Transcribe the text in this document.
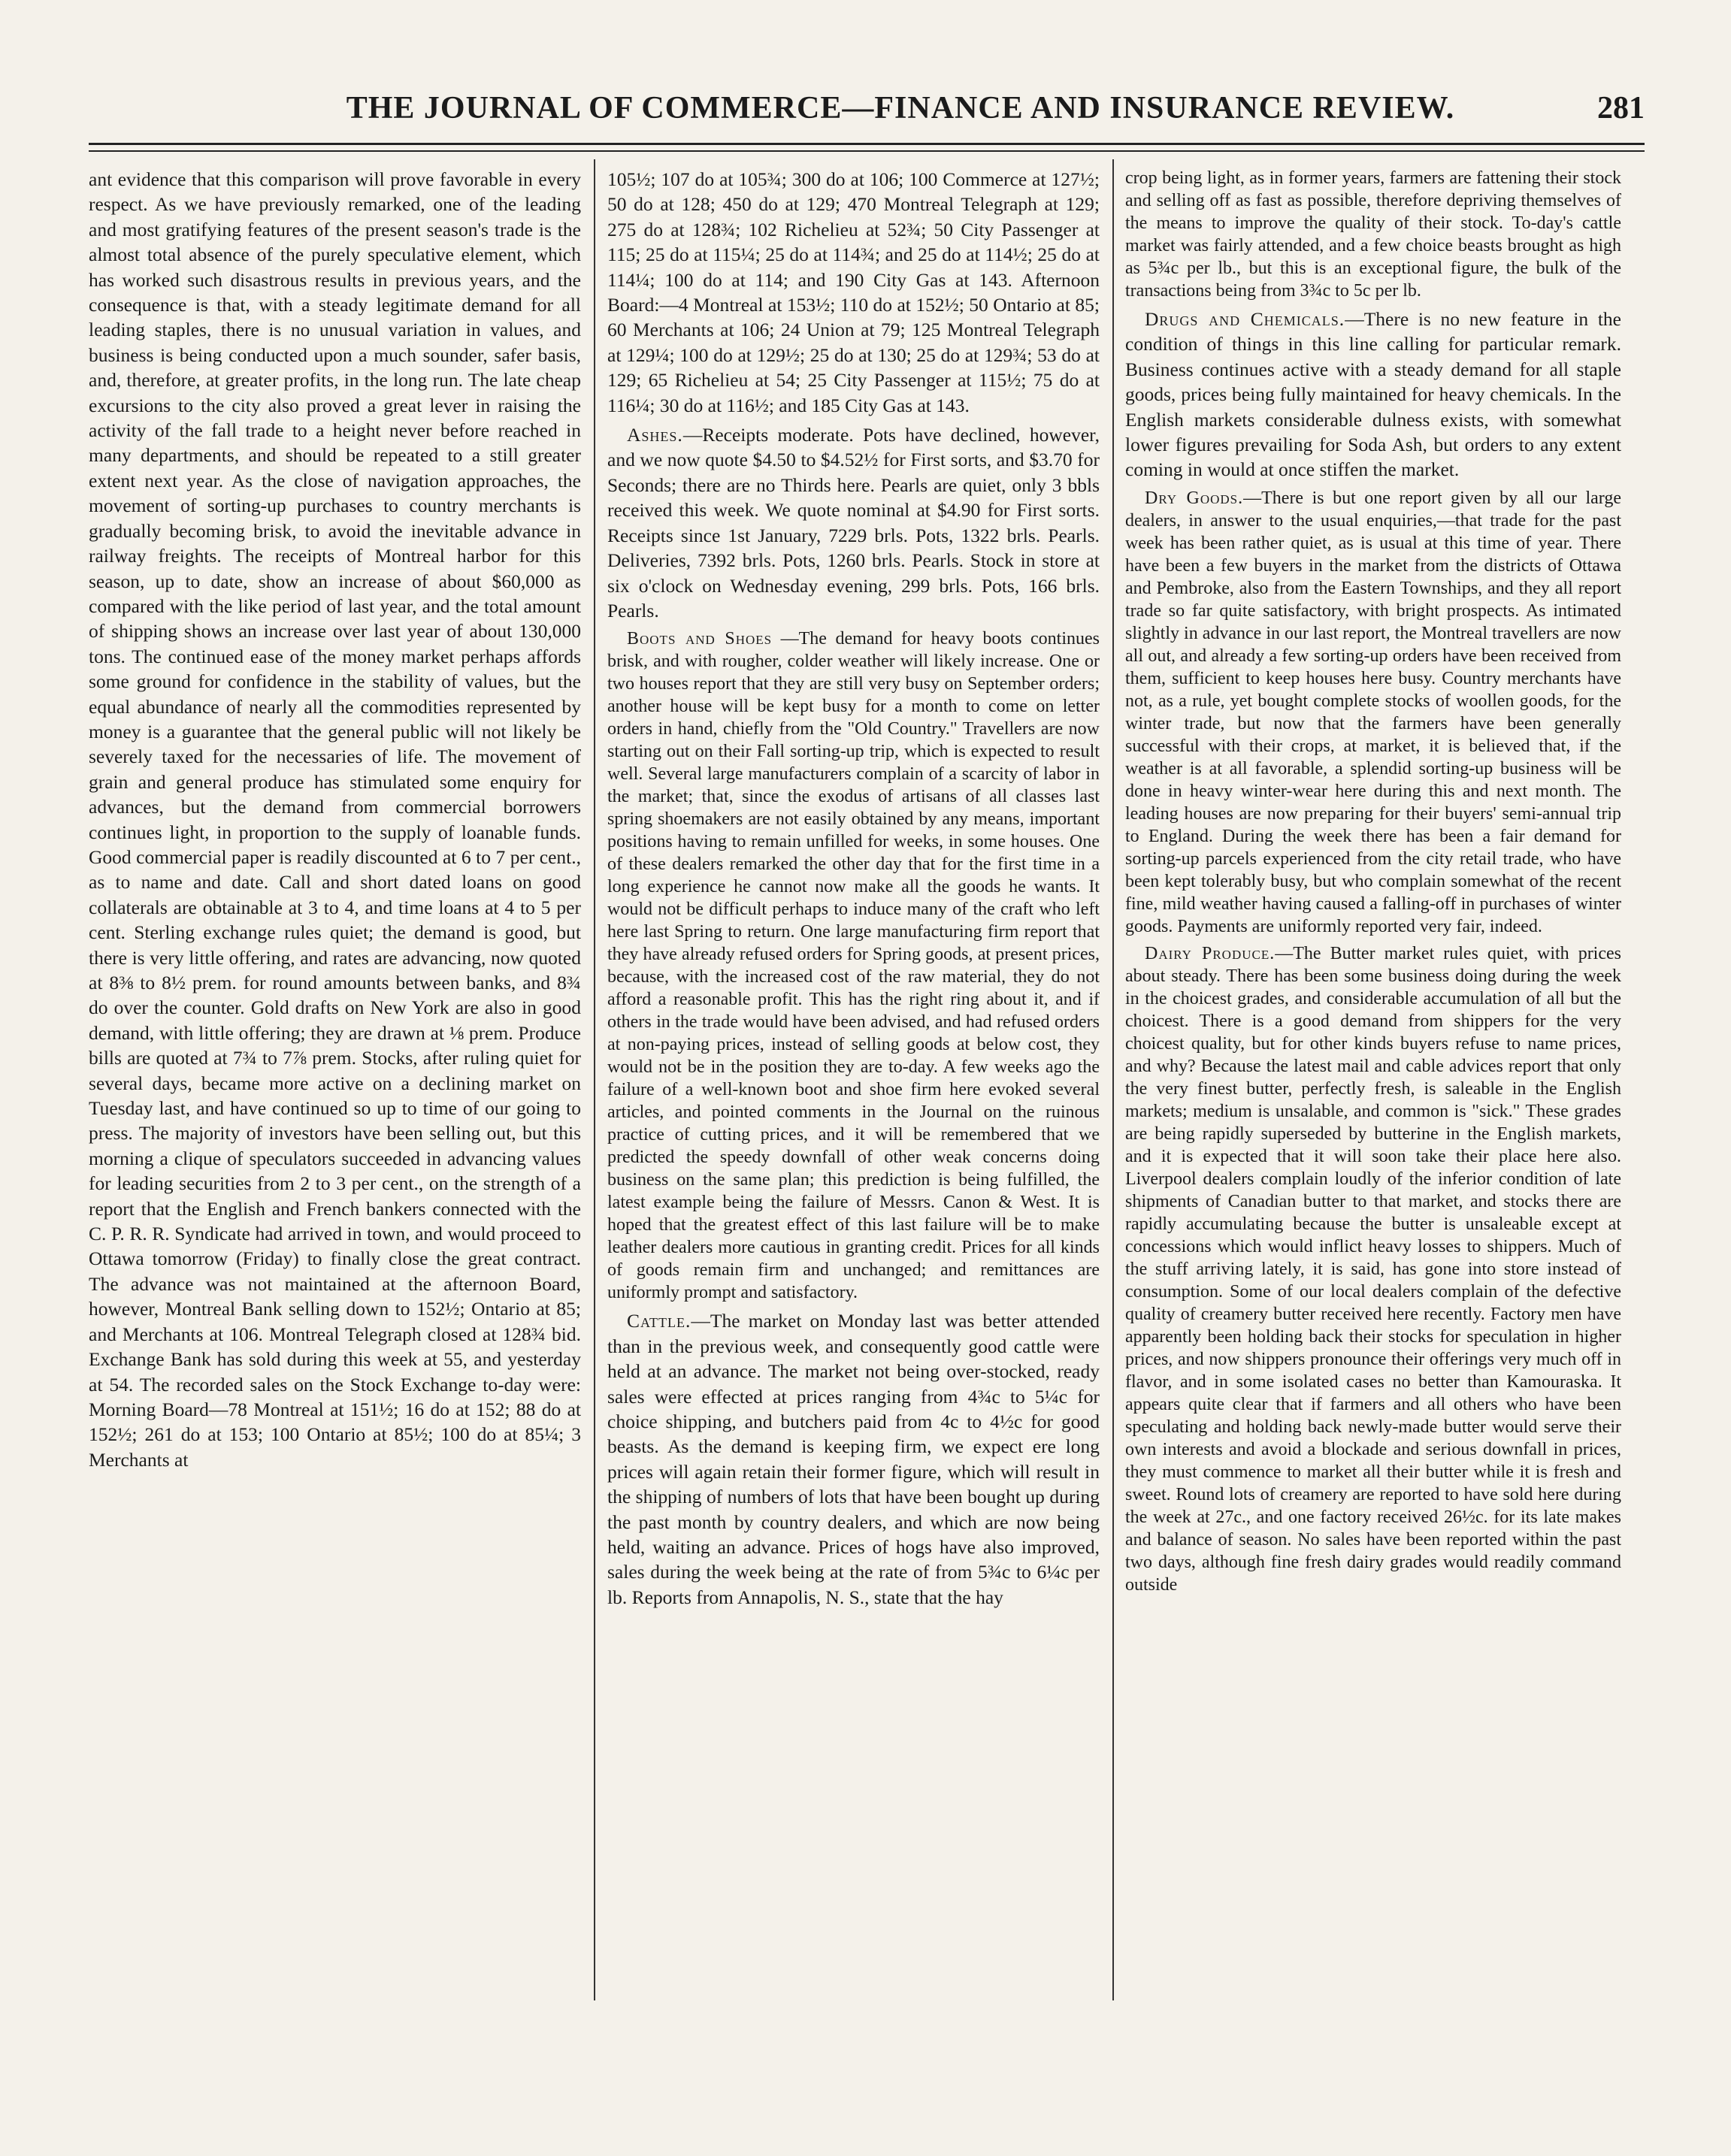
THE JOURNAL OF COMMERCE—FINANCE AND INSURANCE REVIEW.	281

ant evidence that this comparison will prove favorable in every respect. As we have previously remarked, one of the leading and most gratifying features of the present season's trade is the almost total absence of the purely speculative element, which has worked such disastrous results in previous years, and the consequence is that, with a steady legitimate demand for all leading staples, there is no unusual variation in values, and business is being conducted upon a much sounder, safer basis, and, therefore, at greater profits, in the long run. The late cheap excursions to the city also proved a great lever in raising the activity of the fall trade to a height never before reached in many departments, and should be repeated to a still greater extent next year. As the close of navigation approaches, the movement of sorting-up purchases to country merchants is gradually becoming brisk, to avoid the inevitable advance in railway freights. The receipts of Montreal harbor for this season, up to date, show an increase of about $60,000 as compared with the like period of last year, and the total amount of shipping shows an increase over last year of about 130,000 tons. The continued ease of the money market perhaps affords some ground for confidence in the stability of values, but the equal abundance of nearly all the commodities represented by money is a guarantee that the general public will not likely be severely taxed for the necessaries of life. The movement of grain and general produce has stimulated some enquiry for advances, but the demand from commercial borrowers continues light, in proportion to the supply of loanable funds. Good commercial paper is readily discounted at 6 to 7 per cent., as to name and date. Call and short dated loans on good collaterals are obtainable at 3 to 4, and time loans at 4 to 5 per cent. Sterling exchange rules quiet; the demand is good, but there is very little offering, and rates are advancing, now quoted at 8⅜ to 8½ prem. for round amounts between banks, and 8¾ do over the counter. Gold drafts on New York are also in good demand, with little offering; they are drawn at ⅛ prem. Produce bills are quoted at 7¾ to 7⅞ prem. Stocks, after ruling quiet for several days, became more active on a declining market on Tuesday last, and have continued so up to time of our going to press. The majority of investors have been selling out, but this morning a clique of speculators succeeded in advancing values for leading securities from 2 to 3 per cent., on the strength of a report that the English and French bankers connected with the C. P. R. R. Syndicate had arrived in town, and would proceed to Ottawa tomorrow (Friday) to finally close the great contract. The advance was not maintained at the afternoon Board, however, Montreal Bank selling down to 152½; Ontario at 85; and Merchants at 106. Montreal Telegraph closed at 128¾ bid. Exchange Bank has sold during this week at 55, and yesterday at 54. The recorded sales on the Stock Exchange to-day were: Morning Board—78 Montreal at 151½; 16 do at 152; 88 do at 152½; 261 do at 153; 100 Ontario at 85½; 100 do at 85¼; 3 Merchants at

105½; 107 do at 105¾; 300 do at 106; 100 Commerce at 127½; 50 do at 128; 450 do at 129; 470 Montreal Telegraph at 129; 275 do at 128¾; 102 Richelieu at 52¾; 50 City Passenger at 115; 25 do at 115¼; 25 do at 114¾; and 25 do at 114½; 25 do at 114¼; 100 do at 114; and 190 City Gas at 143. Afternoon Board:—4 Montreal at 153½; 110 do at 152½; 50 Ontario at 85; 60 Merchants at 106; 24 Union at 79; 125 Montreal Telegraph at 129¼; 100 do at 129½; 25 do at 130; 25 do at 129¾; 53 do at 129; 65 Richelieu at 54; 25 City Passenger at 115½; 75 do at 116¼; 30 do at 116½; and 185 City Gas at 143.

Ashes.—Receipts moderate. Pots have declined, however, and we now quote $4.50 to $4.52½ for First sorts, and $3.70 for Seconds; there are no Thirds here. Pearls are quiet, only 3 bbls received this week. We quote nominal at $4.90 for First sorts. Receipts since 1st January, 7229 brls. Pots, 1322 brls. Pearls. Deliveries, 7392 brls. Pots, 1260 brls. Pearls. Stock in store at six o'clock on Wednesday evening, 299 brls. Pots, 166 brls. Pearls.

Boots and Shoes —The demand for heavy boots continues brisk, and with rougher, colder weather will likely increase. One or two houses report that they are still very busy on September orders; another house will be kept busy for a month to come on letter orders in hand, chiefly from the "Old Country." Travellers are now starting out on their Fall sorting-up trip, which is expected to result well. Several large manufacturers complain of a scarcity of labor in the market; that, since the exodus of artisans of all classes last spring shoemakers are not easily obtained by any means, important positions having to remain unfilled for weeks, in some houses. One of these dealers remarked the other day that for the first time in a long experience he cannot now make all the goods he wants. It would not be difficult perhaps to induce many of the craft who left here last Spring to return. One large manufacturing firm report that they have already refused orders for Spring goods, at present prices, because, with the increased cost of the raw material, they do not afford a reasonable profit. This has the right ring about it, and if others in the trade would have been advised, and had refused orders at non-paying prices, instead of selling goods at below cost, they would not be in the position they are to-day. A few weeks ago the failure of a well-known boot and shoe firm here evoked several articles, and pointed comments in the Journal on the ruinous practice of cutting prices, and it will be remembered that we predicted the speedy downfall of other weak concerns doing business on the same plan; this prediction is being fulfilled, the latest example being the failure of Messrs. Canon & West. It is hoped that the greatest effect of this last failure will be to make leather dealers more cautious in granting credit. Prices for all kinds of goods remain firm and unchanged; and remittances are uniformly prompt and satisfactory.

Cattle.—The market on Monday last was better attended than in the previous week, and consequently good cattle were held at an advance. The market not being over-stocked, ready sales were effected at prices ranging from 4¾c to 5¼c for choice shipping, and butchers paid from 4c to 4½c for good beasts. As the demand is keeping firm, we expect ere long prices will again retain their former figure, which will result in the shipping of numbers of lots that have been bought up during the past month by country dealers, and which are now being held, waiting an advance. Prices of hogs have also improved, sales during the week being at the rate of from 5¾c to 6¼c per lb. Reports from Annapolis, N. S., state that the hay

crop being light, as in former years, farmers are fattening their stock and selling off as fast as possible, therefore depriving themselves of the means to improve the quality of their stock. To-day's cattle market was fairly attended, and a few choice beasts brought as high as 5¾c per lb., but this is an exceptional figure, the bulk of the transactions being from 3¾c to 5c per lb.

Drugs and Chemicals.—There is no new feature in the condition of things in this line calling for particular remark. Business continues active with a steady demand for all staple goods, prices being fully maintained for heavy chemicals. In the English markets considerable dulness exists, with somewhat lower figures prevailing for Soda Ash, but orders to any extent coming in would at once stiffen the market.

Dry Goods.—There is but one report given by all our large dealers, in answer to the usual enquiries,—that trade for the past week has been rather quiet, as is usual at this time of year. There have been a few buyers in the market from the districts of Ottawa and Pembroke, also from the Eastern Townships, and they all report trade so far quite satisfactory, with bright prospects. As intimated slightly in advance in our last report, the Montreal travellers are now all out, and already a few sorting-up orders have been received from them, sufficient to keep houses here busy. Country merchants have not, as a rule, yet bought complete stocks of woollen goods, for the winter trade, but now that the farmers have been generally successful with their crops, at market, it is believed that, if the weather is at all favorable, a splendid sorting-up business will be done in heavy winter-wear here during this and next month. The leading houses are now preparing for their buyers' semi-annual trip to England. During the week there has been a fair demand for sorting-up parcels experienced from the city retail trade, who have been kept tolerably busy, but who complain somewhat of the recent fine, mild weather having caused a falling-off in purchases of winter goods. Payments are uniformly reported very fair, indeed.

Dairy Produce.—The Butter market rules quiet, with prices about steady. There has been some business doing during the week in the choicest grades, and considerable accumulation of all but the choicest. There is a good demand from shippers for the very choicest quality, but for other kinds buyers refuse to name prices, and why? Because the latest mail and cable advices report that only the very finest butter, perfectly fresh, is saleable in the English markets; medium is unsalable, and common is "sick." These grades are being rapidly superseded by butterine in the English markets, and it is expected that it will soon take their place here also. Liverpool dealers complain loudly of the inferior condition of late shipments of Canadian butter to that market, and stocks there are rapidly accumulating because the butter is unsaleable except at concessions which would inflict heavy losses to shippers. Much of the stuff arriving lately, it is said, has gone into store instead of consumption. Some of our local dealers complain of the defective quality of creamery butter received here recently. Factory men have apparently been holding back their stocks for speculation in higher prices, and now shippers pronounce their offerings very much off in flavor, and in some isolated cases no better than Kamouraska. It appears quite clear that if farmers and all others who have been speculating and holding back newly-made butter would serve their own interests and avoid a blockade and serious downfall in prices, they must commence to market all their butter while it is fresh and sweet. Round lots of creamery are reported to have sold here during the week at 27c., and one factory received 26½c. for its late makes and balance of season. No sales have been reported within the past two days, although fine fresh dairy grades would readily command outside
